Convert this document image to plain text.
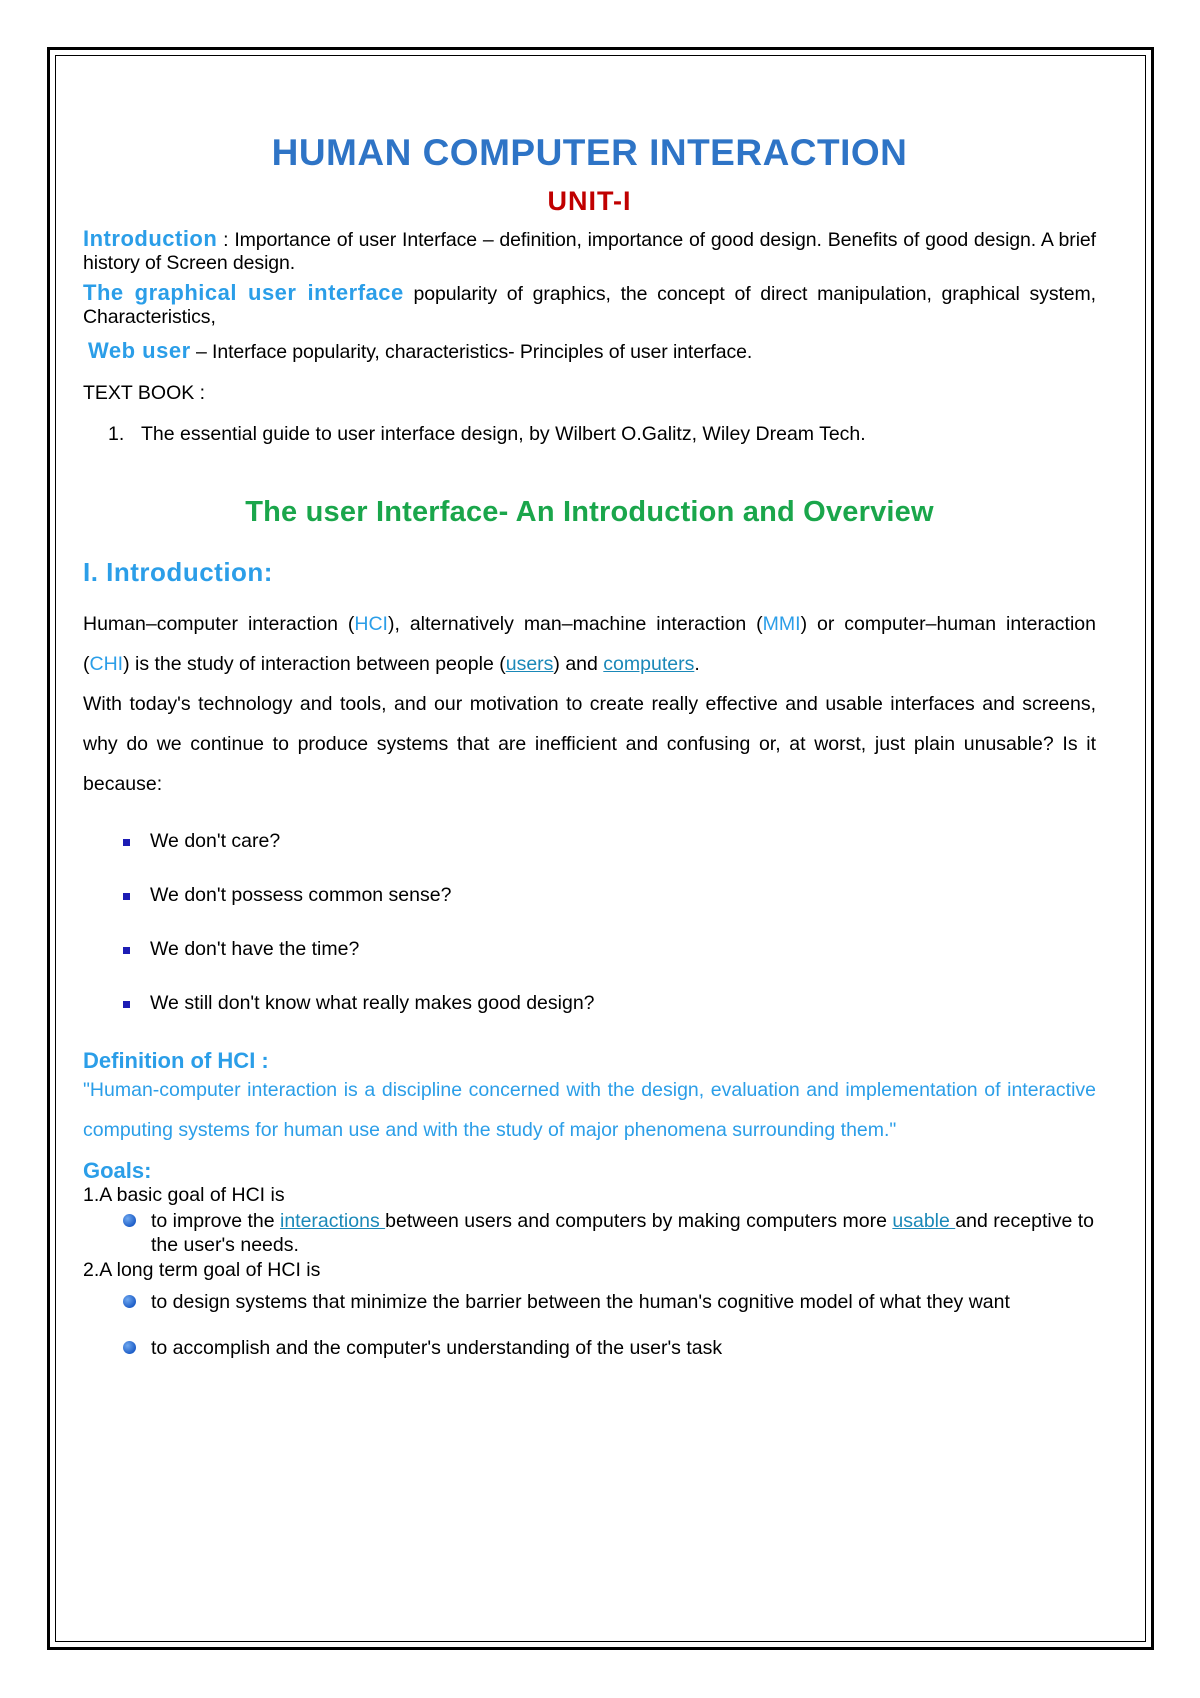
HUMAN COMPUTER INTERACTION
UNIT-I

Introduction : Importance of user Interface – definition, importance of good design. Benefits of good design. A brief history of Screen design.

The graphical user interface popularity of graphics, the concept of direct manipulation, graphical system, Characteristics,

Web user – Interface popularity, characteristics- Principles of user interface.

TEXT BOOK :

1. The essential guide to user interface design, by Wilbert O.Galitz, Wiley Dream Tech.

The user Interface- An Introduction and Overview
I. Introduction:

Human–computer interaction (HCI), alternatively man–machine interaction (MMI) or computer–human interaction (CHI) is the study of interaction between people (users) and computers.

With today's technology and tools, and our motivation to create really effective and usable interfaces and screens, why do we continue to produce systems that are inefficient and confusing or, at worst, just plain unusable? Is it because:

We don't care?
We don't possess common sense?
We don't have the time?
We still don't know what really makes good design?
Definition of HCI :

"Human-computer interaction is a discipline concerned with the design, evaluation and implementation of interactive computing systems for human use and with the study of major phenomena surrounding them."

Goals:

1.A basic goal of HCI is

to improve the interactions between users and computers by making computers more usable and receptive to the user's needs.

2.A long term goal of HCI is

to design systems that minimize the barrier between the human's cognitive model of what they want
to accomplish and the computer's understanding of the user's task
